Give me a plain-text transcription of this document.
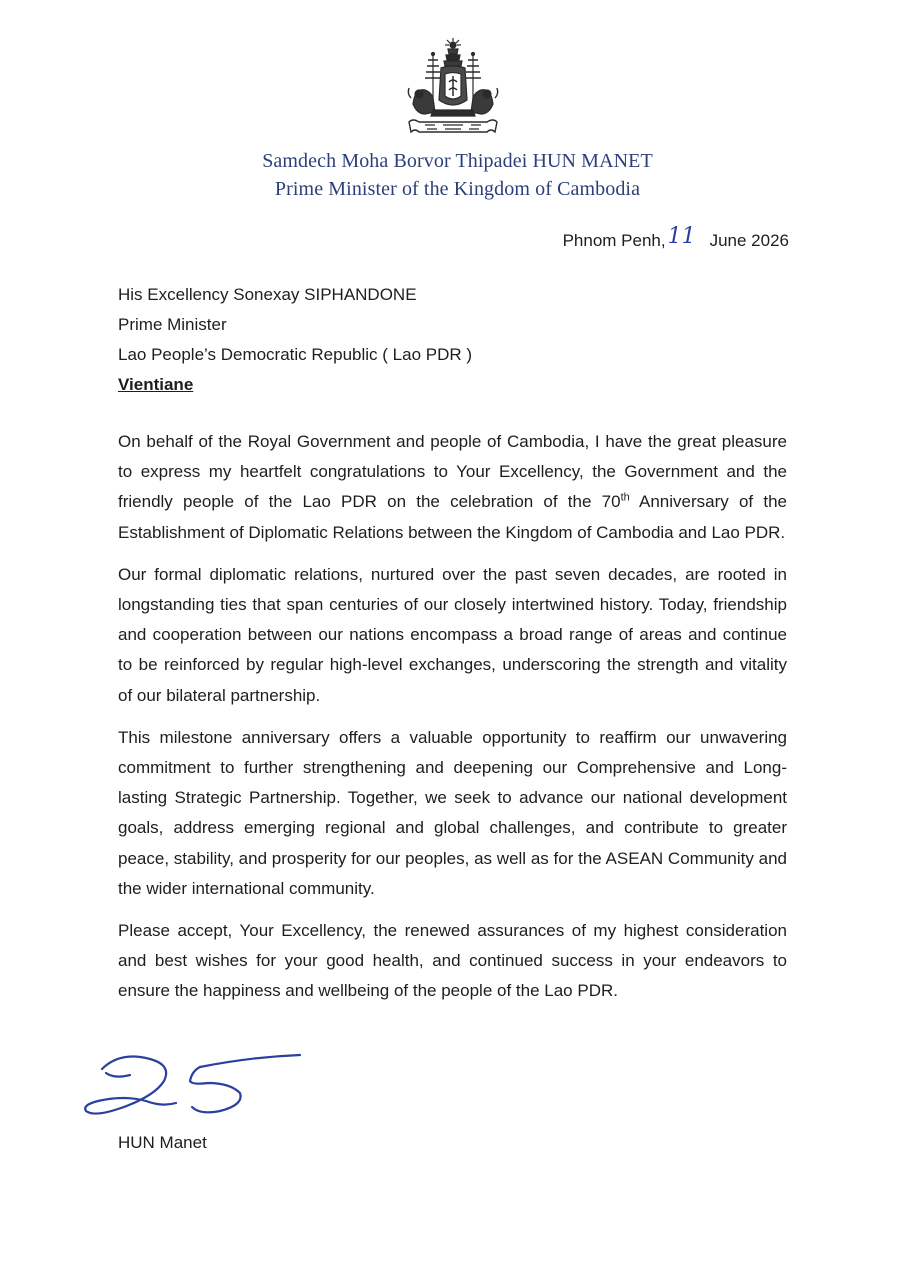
Samdech Moha Borvor Thipadei HUN MANET
Prime Minister of the Kingdom of Cambodia
Phnom Penh,11 June 2026
His Excellency Sonexay SIPHANDONE
Prime Minister
Lao People’s Democratic Republic ( Lao PDR )
Vientiane

On behalf of the Royal Government and people of Cambodia, I have the great pleasure to express my heartfelt congratulations to Your Excellency, the Government and the friendly people of the Lao PDR on the celebration of the 70th Anniversary of the Establishment of Diplomatic Relations between the Kingdom of Cambodia and Lao PDR.

Our formal diplomatic relations, nurtured over the past seven decades, are rooted in longstanding ties that span centuries of our closely intertwined history. Today, friendship and cooperation between our nations encompass a broad range of areas and continue to be reinforced by regular high-level exchanges, underscoring the strength and vitality of our bilateral partnership.

This milestone anniversary offers a valuable opportunity to reaffirm our unwavering commitment to further strengthening and deepening our Comprehensive and Long-lasting Strategic Partnership. Together, we seek to advance our national development goals, address emerging regional and global challenges, and contribute to greater peace, stability, and prosperity for our peoples, as well as for the ASEAN Community and the wider international community.

Please accept, Your Excellency, the renewed assurances of my highest consideration and best wishes for your good health, and continued success in your endeavors to ensure the happiness and wellbeing of the people of the Lao PDR.

HUN Manet
